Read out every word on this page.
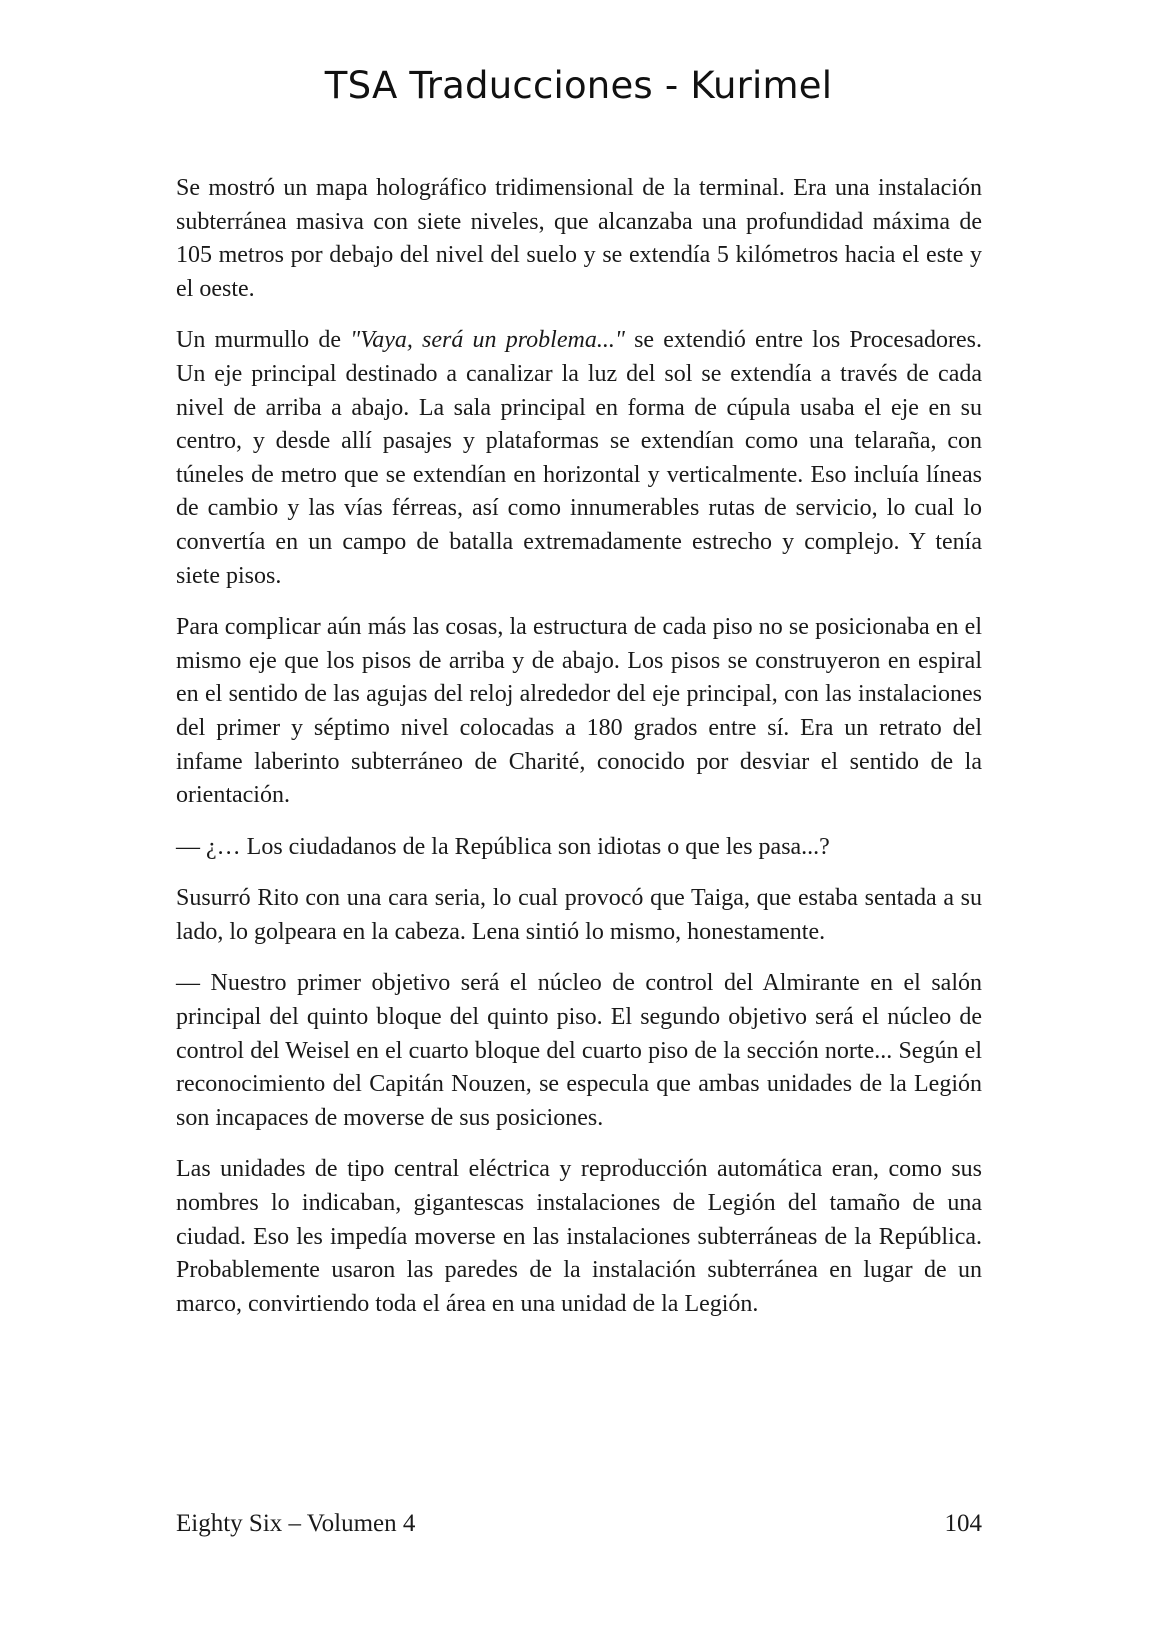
TSA Traducciones - Kurimel

Se mostró un mapa holográfico tridimensional de la terminal. Era una instalación subterránea masiva con siete niveles, que alcanzaba una profundidad máxima de 105 metros por debajo del nivel del suelo y se extendía 5 kilómetros hacia el este y el oeste.

Un murmullo de "Vaya, será un problema..." se extendió entre los Procesadores. Un eje principal destinado a canalizar la luz del sol se extendía a través de cada nivel de arriba a abajo. La sala principal en forma de cúpula usaba el eje en su centro, y desde allí pasajes y plataformas se extendían como una telaraña, con túneles de metro que se extendían en horizontal y verticalmente. Eso incluía líneas de cambio y las vías férreas, así como innumerables rutas de servicio, lo cual lo convertía en un campo de batalla extremadamente estrecho y complejo. Y tenía siete pisos.

Para complicar aún más las cosas, la estructura de cada piso no se posicionaba en el mismo eje que los pisos de arriba y de abajo. Los pisos se construyeron en espiral en el sentido de las agujas del reloj alrededor del eje principal, con las instalaciones del primer y séptimo nivel colocadas a 180 grados entre sí. Era un retrato del infame laberinto subterráneo de Charité, conocido por desviar el sentido de la orientación.

— ¿… Los ciudadanos de la República son idiotas o que les pasa...?

Susurró Rito con una cara seria, lo cual provocó que Taiga, que estaba sentada a su lado, lo golpeara en la cabeza. Lena sintió lo mismo, honestamente.

— Nuestro primer objetivo será el núcleo de control del Almirante en el salón principal del quinto bloque del quinto piso. El segundo objetivo será el núcleo de control del Weisel en el cuarto bloque del cuarto piso de la sección norte... Según el reconocimiento del Capitán Nouzen, se especula que ambas unidades de la Legión son incapaces de moverse de sus posiciones.

Las unidades de tipo central eléctrica y reproducción automática eran, como sus nombres lo indicaban, gigantescas instalaciones de Legión del tamaño de una ciudad. Eso les impedía moverse en las instalaciones subterráneas de la República. Probablemente usaron las paredes de la instalación subterránea en lugar de un marco, convirtiendo toda el área en una unidad de la Legión.

Eighty Six – Volumen 4	104
